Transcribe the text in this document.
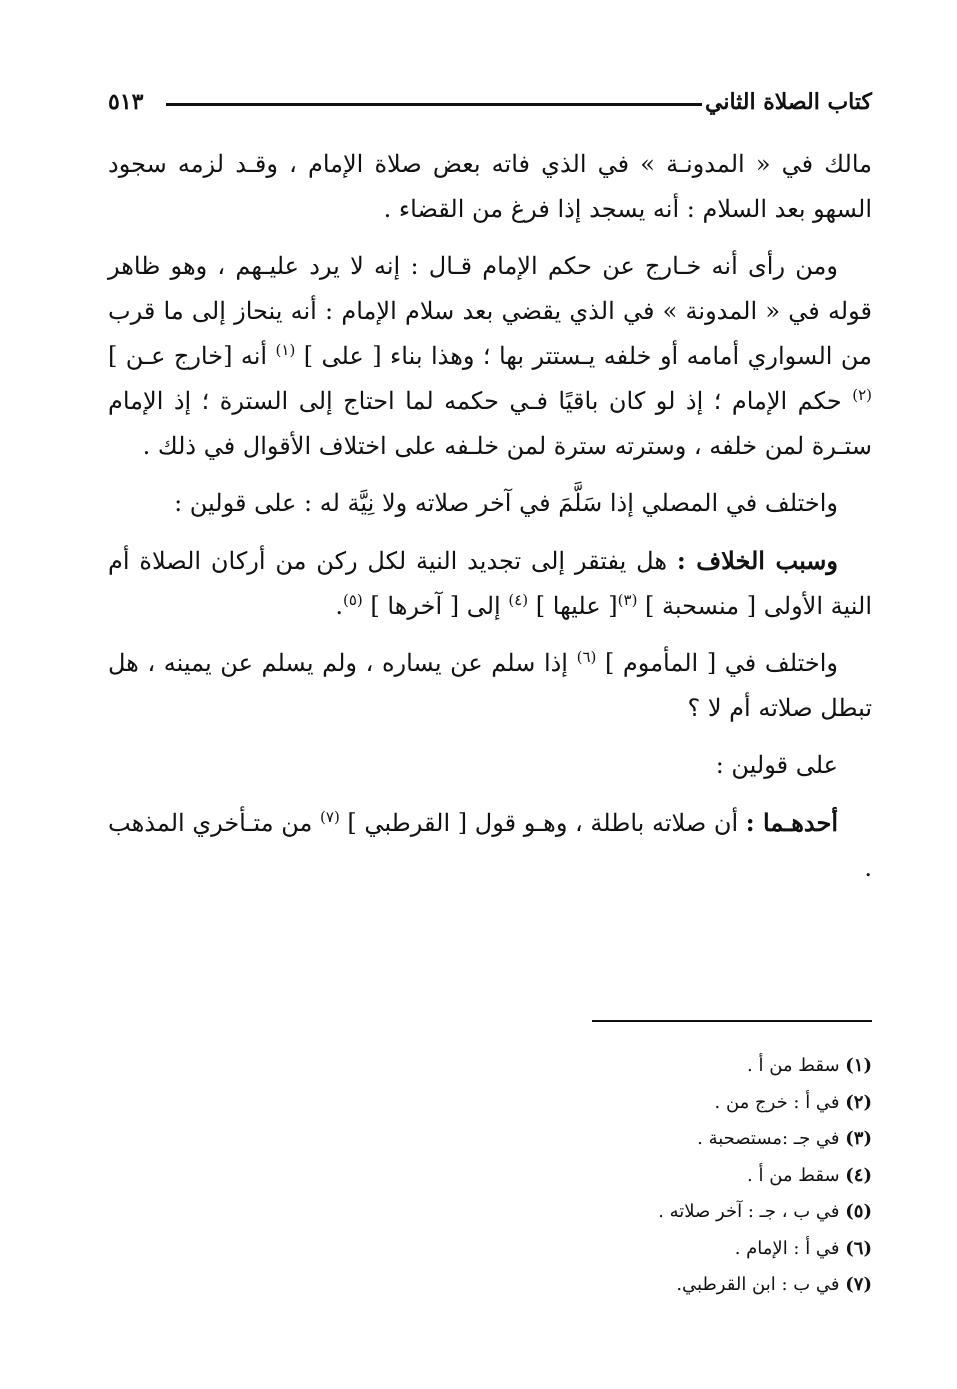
كتاب الصلاة الثاني
٥١٣

مالك في « المدونـة » في الذي فاته بعض صلاة الإمام ، وقـد لزمه سجود السهو بعد السلام : أنه يسجد إذا فرغ من القضاء .

ومن رأى أنه خـارج عن حكم الإمام قـال : إنه لا يرد عليـهم ، وهو ظاهر قوله في « المدونة » في الذي يقضي بعد سلام الإمام : أنه ينحاز إلى ما قرب من السواري أمامه أو خلفه يـستتر بها ؛ وهذا بناء [ على ] $^{(١)}$ أنه [خارج عـن ] $^{(٢)}$ حكم الإمام ؛ إذ لو كان باقيًا فـي حكمه لما احتاج إلى السترة ؛ إذ الإمام ستـرة لمن خلفه ، وسترته سترة لمن خلـفه على اختلاف الأقوال في ذلك .

واختلف في المصلي إذا سَلَّمَ في آخر صلاته ولا نِيَّة له : على قولين :

وسبب الخلاف : هل يفتقر إلى تجديد النية لكل ركن من أركان الصلاة أم النية الأولى [ منسحبة ] $^{(٣)}$[ عليها ] $^{(٤)}$ إلى [ آخرها ] $^{(٥)}$.

واختلف في [ المأموم ] $^{(٦)}$ إذا سلم عن يساره ، ولم يسلم عن يمينه ، هل تبطل صلاته أم لا ؟

على قولين :

أحدهـما : أن صلاته باطلة ، وهـو قول [ القرطبي ] $^{(٧)}$ من متـأخري المذهب .

(١) سقط من أ .
(٢) في أ : خرج من .
(٣) في جـ :مستصحبة .
(٤) سقط من أ .
(٥) في ب ، جـ : آخر صلاته .
(٦) في أ : الإمام .
(٧) في ب : ابن القرطبي.
